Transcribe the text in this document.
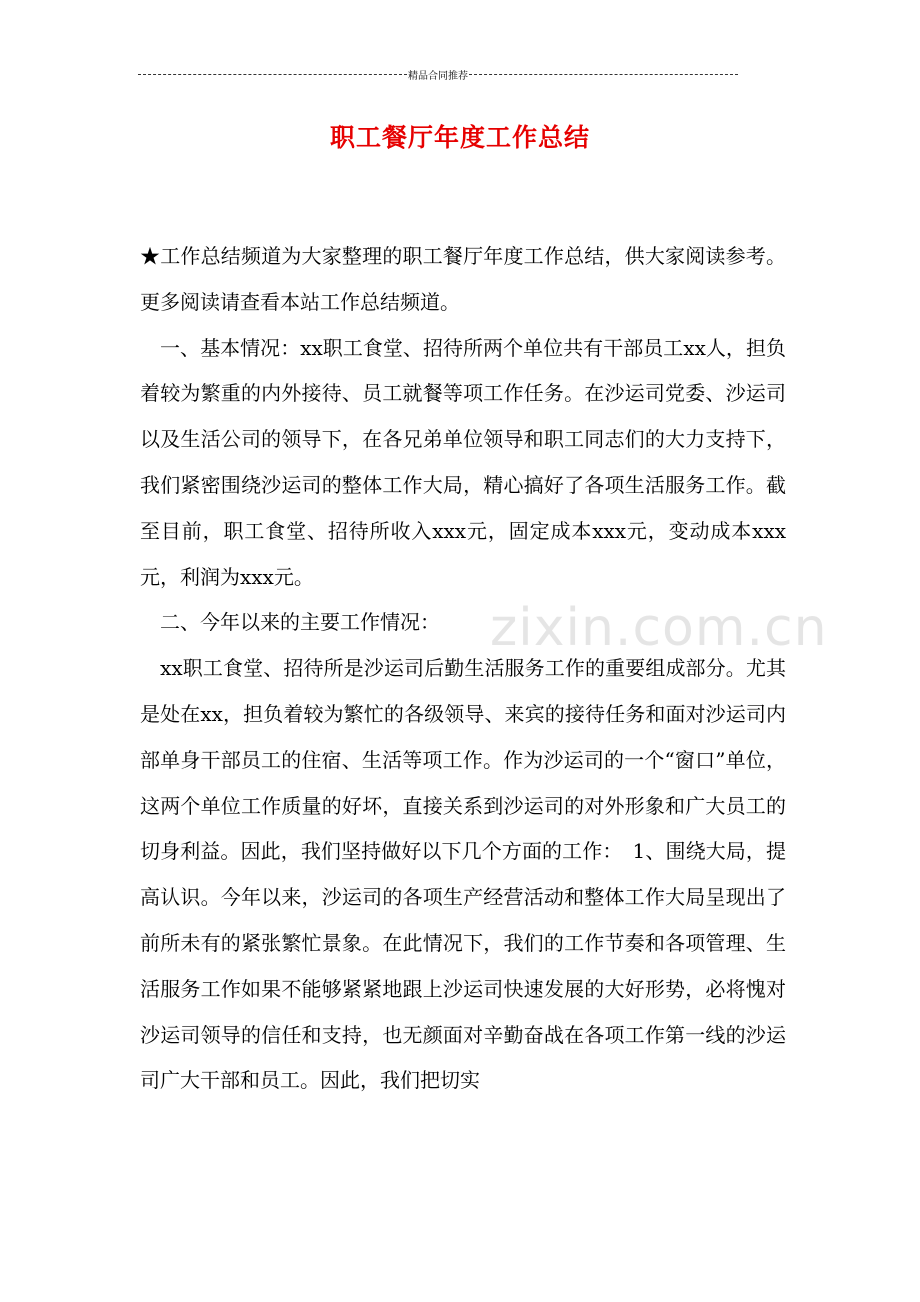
精品合同推荐
职工餐厅年度工作总结

★工作总结频道为大家整理的职工餐厅年度工作总结，供大家阅读参考。更多阅读请查看本站工作总结频道。

　一、基本情况：xx职工食堂、招待所两个单位共有干部员工xx人，担负着较为繁重的内外接待、员工就餐等项工作任务。在沙运司党委、沙运司以及生活公司的领导下，在各兄弟单位领导和职工同志们的大力支持下，我们紧密围绕沙运司的整体工作大局，精心搞好了各项生活服务工作。截至目前，职工食堂、招待所收入xxx元，固定成本xxx元，变动成本xxx元，利润为xxx元。

　二、今年以来的主要工作情况：

　xx职工食堂、招待所是沙运司后勤生活服务工作的重要组成部分。尤其是处在xx，担负着较为繁忙的各级领导、来宾的接待任务和面对沙运司内部单身干部员工的住宿、生活等项工作。作为沙运司的一个“窗口”单位，这两个单位工作质量的好坏，直接关系到沙运司的对外形象和广大员工的切身利益。因此，我们坚持做好以下几个方面的工作：　1、围绕大局，提高认识。今年以来，沙运司的各项生产经营活动和整体工作大局呈现出了前所未有的紧张繁忙景象。在此情况下，我们的工作节奏和各项管理、生活服务工作如果不能够紧紧地跟上沙运司快速发展的大好形势，必将愧对沙运司领导的信任和支持，也无颜面对辛勤奋战在各项工作第一线的沙运司广大干部和员工。因此，我们把切实

zixin.com.cn
